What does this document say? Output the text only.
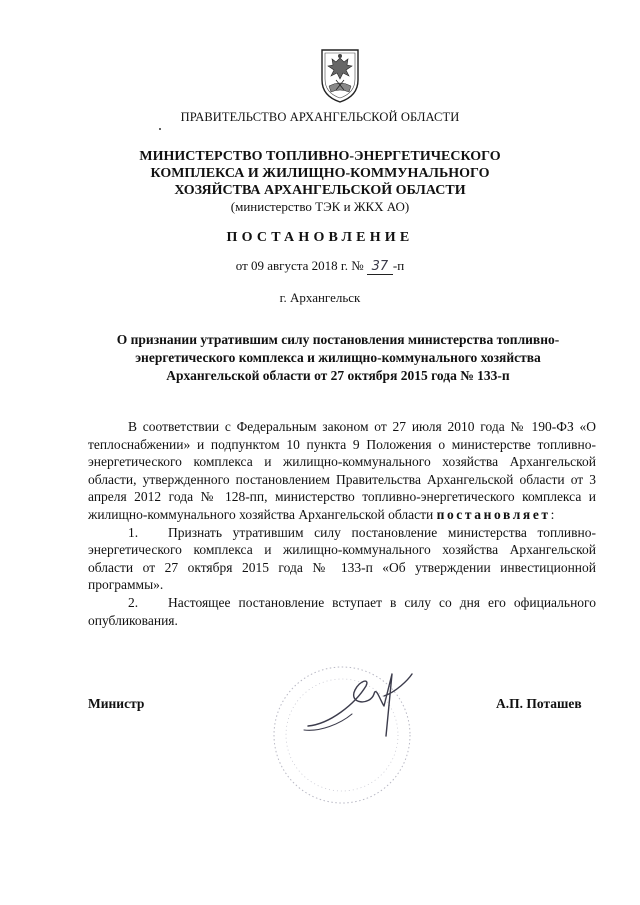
ПРАВИТЕЛЬСТВО АРХАНГЕЛЬСКОЙ ОБЛАСТИ
МИНИСТЕРСТВО ТОПЛИВНО-ЭНЕРГЕТИЧЕСКОГО
КОМПЛЕКСА И ЖИЛИЩНО-КОММУНАЛЬНОГО
ХОЗЯЙСТВА АРХАНГЕЛЬСКОЙ ОБЛАСТИ
(министерство ТЭК и ЖКХ АО)
ПОСТАНОВЛЕНИЕ
от 09 августа 2018 г. № 37 -п
г. Архангельск
О признании утратившим силу постановления министерства топливно-энергетического комплекса и жилищно-коммунального хозяйства Архангельской области от 27 октября 2015 года № 133-п

В соответствии с Федеральным законом от 27 июля 2010 года № 190-ФЗ «О теплоснабжении» и подпунктом 10 пункта 9 Положения о министерстве топливно-энергетического комплекса и жилищно-коммунального хозяйства Архангельской области, утвержденного постановлением Правительства Архангельской области от 3 апреля 2012 года № 128-пп, министерство топливно-энергетического комплекса и жилищно-коммунального хозяйства Архангельской области постановляет:

1. Признать утратившим силу постановление министерства топливно-энергетического комплекса и жилищно-коммунального хозяйства Архангельской области от 27 октября 2015 года № 133-п «Об утверждении инвестиционной программы».

2. Настоящее постановление вступает в силу со дня его официального опубликования.

Министр	А.П. Поташев
